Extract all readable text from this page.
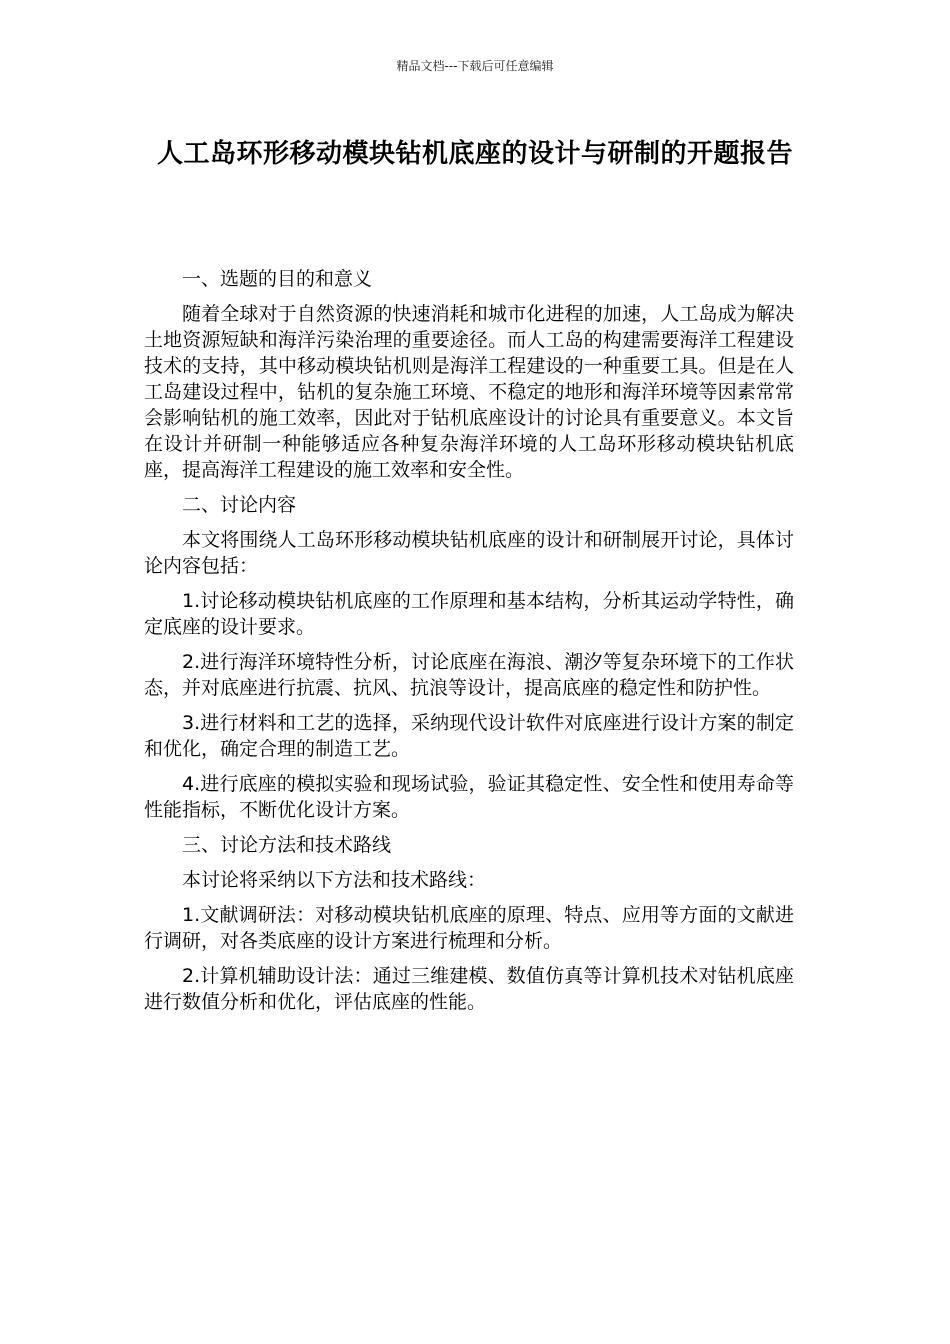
精品文档---下载后可任意编辑
人工岛环形移动模块钻机底座的设计与研制的开题报告

一、选题的目的和意义

随着全球对于自然资源的快速消耗和城市化进程的加速，人工岛成为解决土地资源短缺和海洋污染治理的重要途径。而人工岛的构建需要海洋工程建设技术的支持，其中移动模块钻机则是海洋工程建设的一种重要工具。但是在人工岛建设过程中，钻机的复杂施工环境、不稳定的地形和海洋环境等因素常常会影响钻机的施工效率，因此对于钻机底座设计的讨论具有重要意义。本文旨在设计并研制一种能够适应各种复杂海洋环境的人工岛环形移动模块钻机底座，提高海洋工程建设的施工效率和安全性。

二、讨论内容

本文将围绕人工岛环形移动模块钻机底座的设计和研制展开讨论，具体讨论内容包括：

1.讨论移动模块钻机底座的工作原理和基本结构，分析其运动学特性，确定底座的设计要求。

2.进行海洋环境特性分析，讨论底座在海浪、潮汐等复杂环境下的工作状态，并对底座进行抗震、抗风、抗浪等设计，提高底座的稳定性和防护性。

3.进行材料和工艺的选择，采纳现代设计软件对底座进行设计方案的制定和优化，确定合理的制造工艺。

4.进行底座的模拟实验和现场试验，验证其稳定性、安全性和使用寿命等性能指标，不断优化设计方案。

三、讨论方法和技术路线

本讨论将采纳以下方法和技术路线：

1.文献调研法：对移动模块钻机底座的原理、特点、应用等方面的文献进行调研，对各类底座的设计方案进行梳理和分析。

2.计算机辅助设计法：通过三维建模、数值仿真等计算机技术对钻机底座进行数值分析和优化，评估底座的性能。
